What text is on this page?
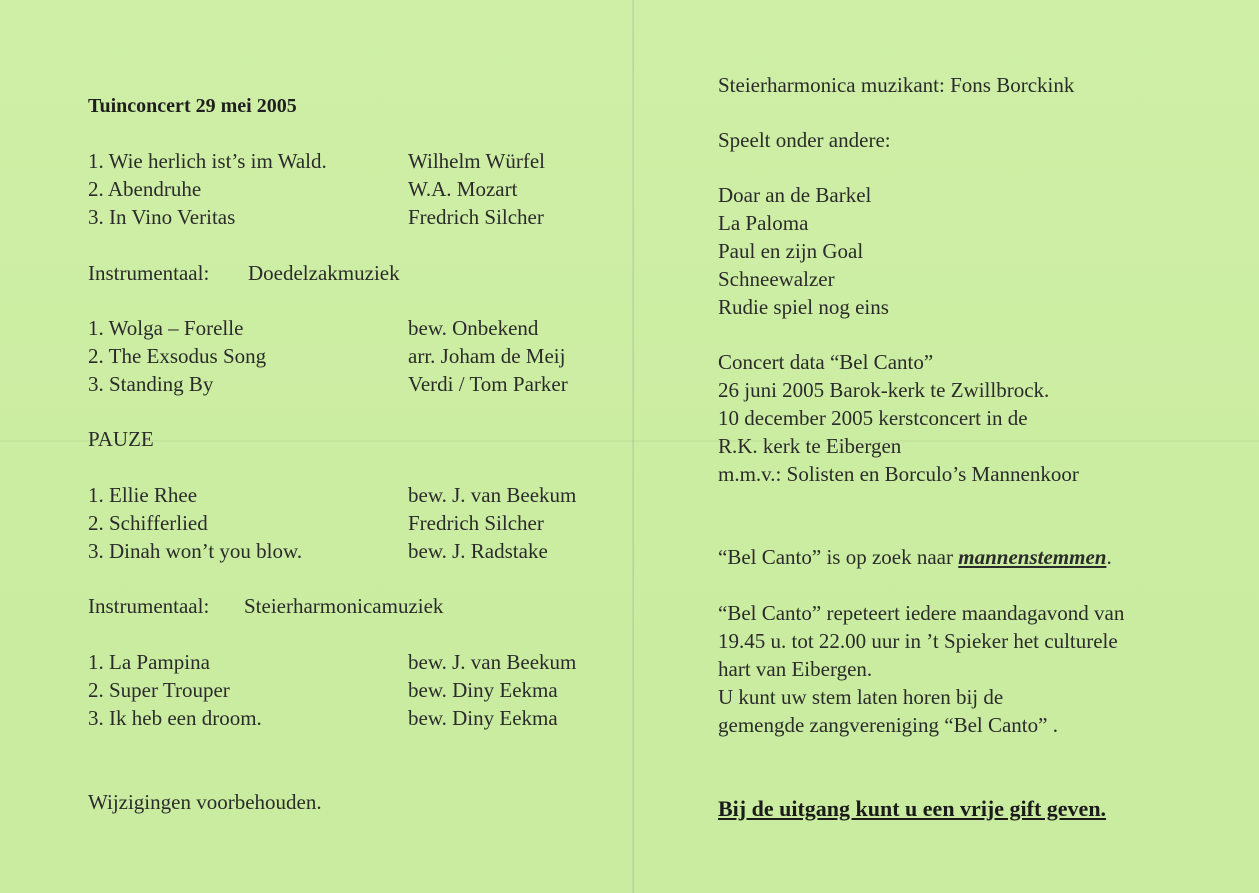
Tuinconcert 29 mei 2005
1. Wie herlich ist’s im Wald.	Wilhelm Würfel
2. Abendruhe	W.A. Mozart
3. In Vino Veritas	Fredrich Silcher
Instrumentaal: Doedelzakmuziek
1. Wolga – Forelle	bew. Onbekend
2. The Exsodus Song	arr. Joham de Meij
3. Standing By	Verdi / Tom Parker
PAUZE
1. Ellie Rhee	bew. J. van Beekum
2. Schifferlied	Fredrich Silcher
3. Dinah won’t you blow.	bew. J. Radstake
Instrumentaal: Steierharmonicamuziek
1. La Pampina	bew. J. van Beekum
2. Super Trouper	bew. Diny Eekma
3. Ik heb een droom.	bew. Diny Eekma
Wijzigingen voorbehouden.
Steierharmonica muzikant: Fons Borckink
Speelt onder andere:
Doar an de Barkel
La Paloma
Paul en zijn Goal
Schneewalzer
Rudie spiel nog eins
Concert data “Bel Canto”
26 juni 2005 Barok-kerk te Zwillbrock.
10 december 2005 kerstconcert in de
R.K. kerk te Eibergen
m.m.v.: Solisten en Borculo’s Mannenkoor
“Bel Canto” is op zoek naar mannenstemmen.
“Bel Canto” repeteert iedere maandagavond van
19.45 u. tot 22.00 uur in ’t Spieker het culturele
hart van Eibergen.
U kunt uw stem laten horen bij de
gemengde zangvereniging “Bel Canto” .
Bij de uitgang kunt u een vrije gift geven.
